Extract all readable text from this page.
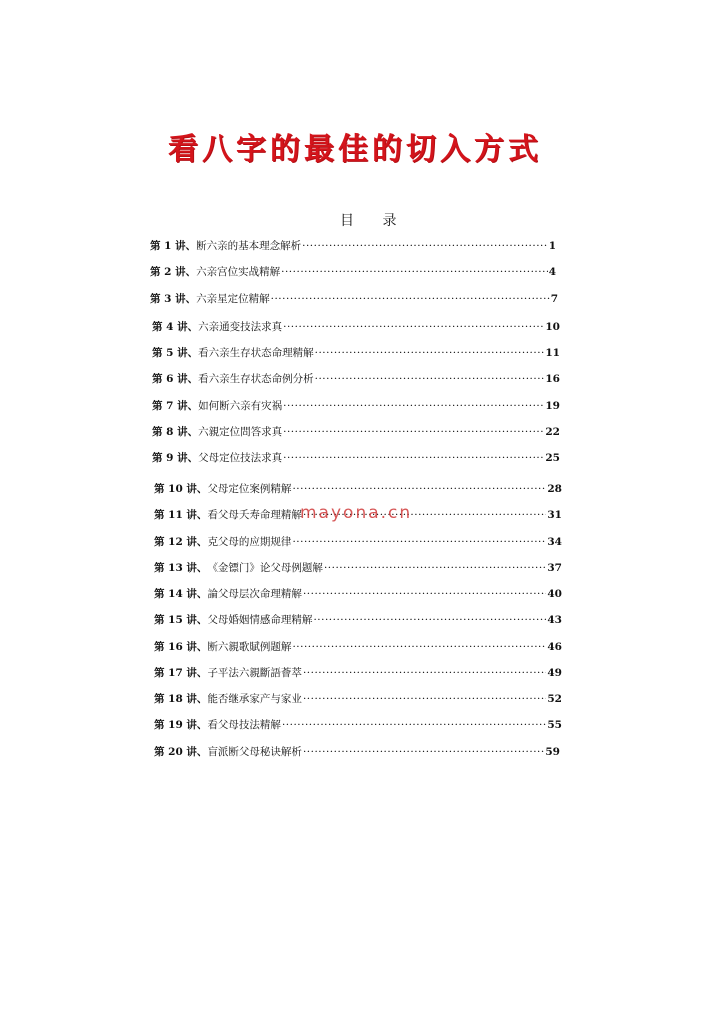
看八字的最佳的切入方式
目 录
第 1 讲、 断六亲的基本理念解析 ·····	1
第 2 讲、 六亲宫位实战精解 ·····	4
第 3 讲、 六亲星定位精解 ·····	7
第 4 讲、 六亲通变技法求真 ·····	10
第 5 讲、 看六亲生存状态命理精解 ·····	11
第 6 讲、 看六亲生存状态命例分析 ·····	16
第 7 讲、 如何断六亲有灾祸 ·····	19
第 8 讲、 六親定位問答求真 ·····	22
第 9 讲、 父母定位技法求真 ·····	25
第 10 讲、 父母定位案例精解 ·····	28
第 11 讲、 看父母夭寿命理精解 ·····	31
第 12 讲、 克父母的应期规律 ·····	34
第 13 讲、 《金镖门》论父母例题解 ·····	37
第 14 讲、 論父母层次命理精解 ·····	40
第 15 讲、 父母婚姻情感命理精解 ·····	43
第 16 讲、 断六親歌賦例题解 ·····	46
第 17 讲、 子平法六親斷語薈萃 ·····	49
第 18 讲、 能否继承家产与家业 ·····	52
第 19 讲、 看父母技法精解 ·····	55
第 20 讲、 盲派断父母秘诀解析 ·····	59
mayona.cn
